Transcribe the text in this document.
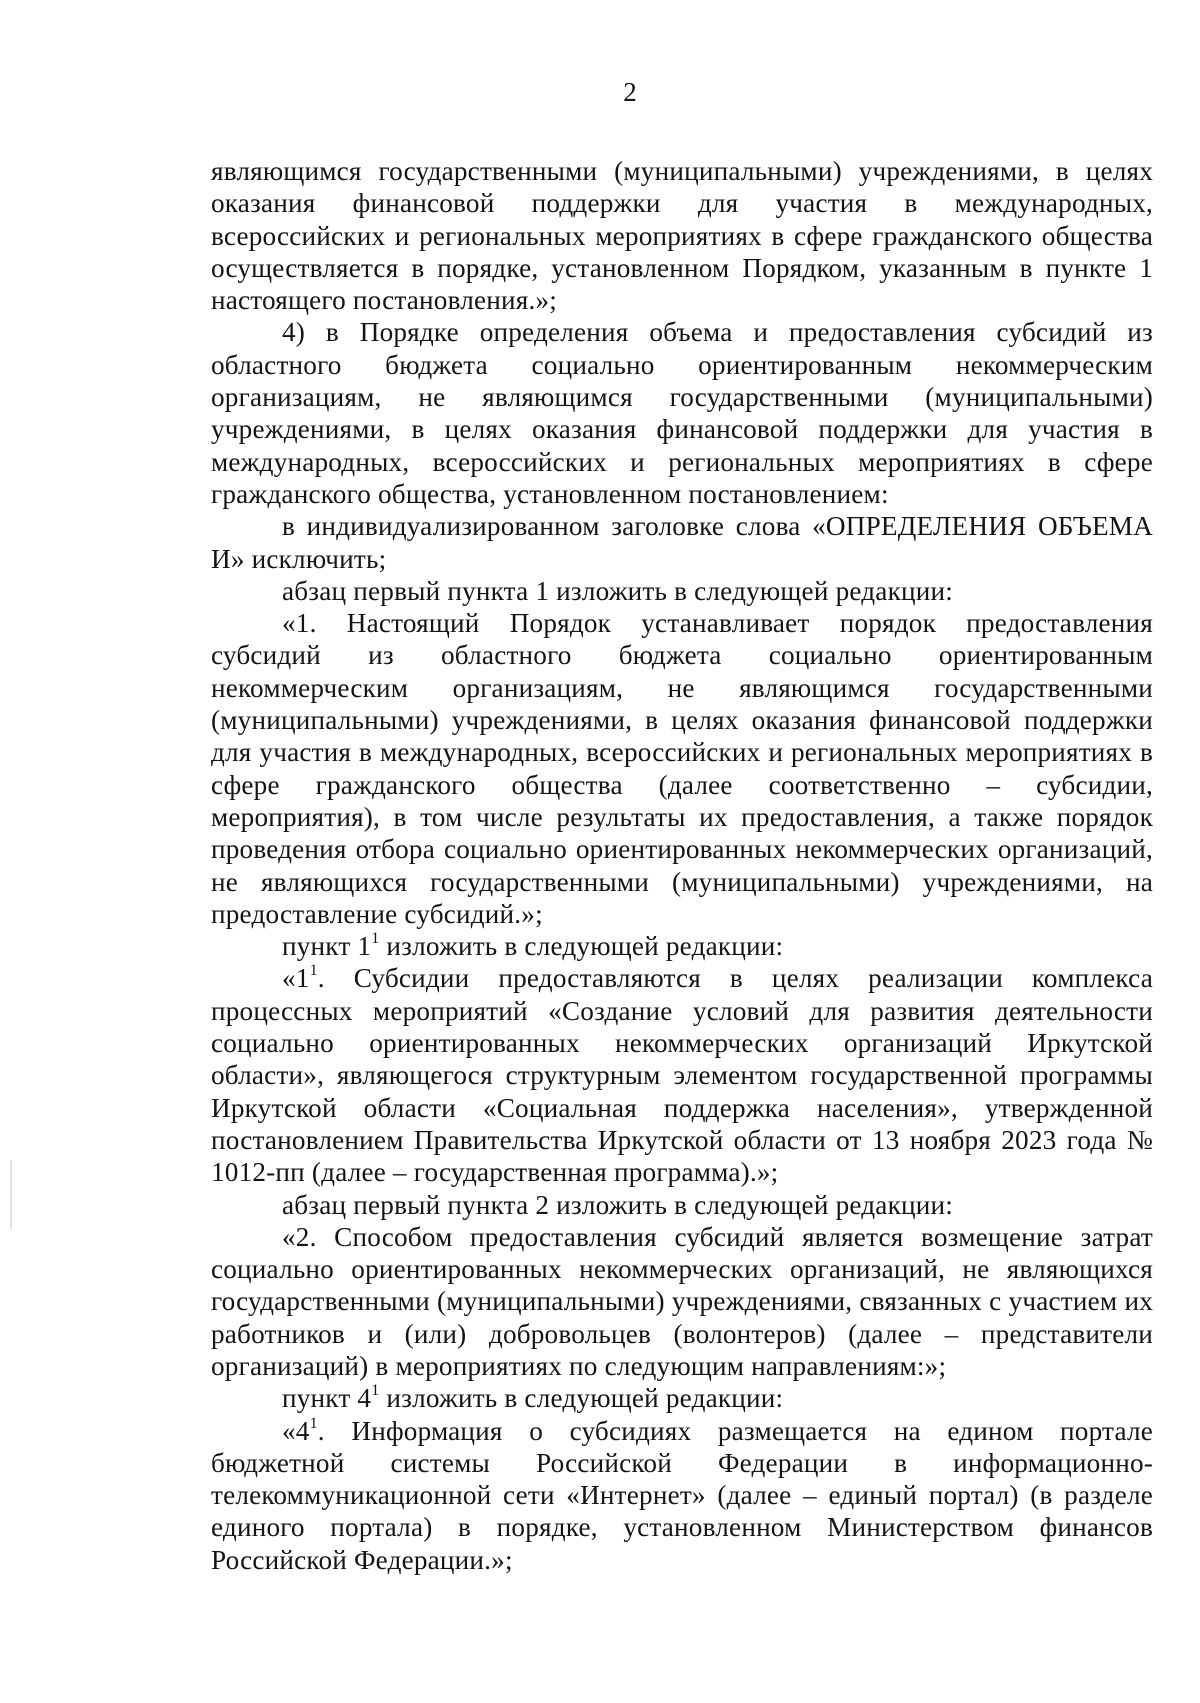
2

являющимся государственными (муниципальными) учреждениями, в целях оказания финансовой поддержки для участия в международных, всероссийских и региональных мероприятиях в сфере гражданского общества осуществляется в порядке, установленном Порядком, указанным в пункте 1 настоящего постановления.»;

4) в Порядке определения объема и предоставления субсидий из областного бюджета социально ориентированным некоммерческим организациям, не являющимся государственными (муниципальными) учреждениями, в целях оказания финансовой поддержки для участия в международных, всероссийских и региональных мероприятиях в сфере гражданского общества, установленном постановлением:

в индивидуализированном заголовке слова «ОПРЕДЕЛЕНИЯ ОБЪЕМА И» исключить;

абзац первый пункта 1 изложить в следующей редакции:

«1. Настоящий Порядок устанавливает порядок предоставления субсидий из областного бюджета социально ориентированным некоммерческим организациям, не являющимся государственными (муниципальными) учреждениями, в целях оказания финансовой поддержки для участия в международных, всероссийских и региональных мероприятиях в сфере гражданского общества (далее соответственно – субсидии, мероприятия), в том числе результаты их предоставления, а также порядок проведения отбора социально ориентированных некоммерческих организаций, не являющихся государственными (муниципальными) учреждениями, на предоставление субсидий.»;

пункт $1^1$ изложить в следующей редакции:

«$1^1$. Субсидии предоставляются в целях реализации комплекса процессных мероприятий «Создание условий для развития деятельности социально ориентированных некоммерческих организаций Иркутской области», являющегося структурным элементом государственной программы Иркутской области «Социальная поддержка населения», утвержденной постановлением Правительства Иркутской области от 13 ноября 2023 года № 1012-пп (далее – государственная программа).»;

абзац первый пункта 2 изложить в следующей редакции:

«2. Способом предоставления субсидий является возмещение затрат социально ориентированных некоммерческих организаций, не являющихся государственными (муниципальными) учреждениями, связанных с участием их работников и (или) добровольцев (волонтеров) (далее – представители организаций) в мероприятиях по следующим направлениям:»;

пункт $4^1$ изложить в следующей редакции:

«$4^1$. Информация о субсидиях размещается на едином портале бюджетной системы Российской Федерации в информационно-телекоммуникационной сети «Интернет» (далее – единый портал) (в разделе единого портала) в порядке, установленном Министерством финансов Российской Федерации.»;
